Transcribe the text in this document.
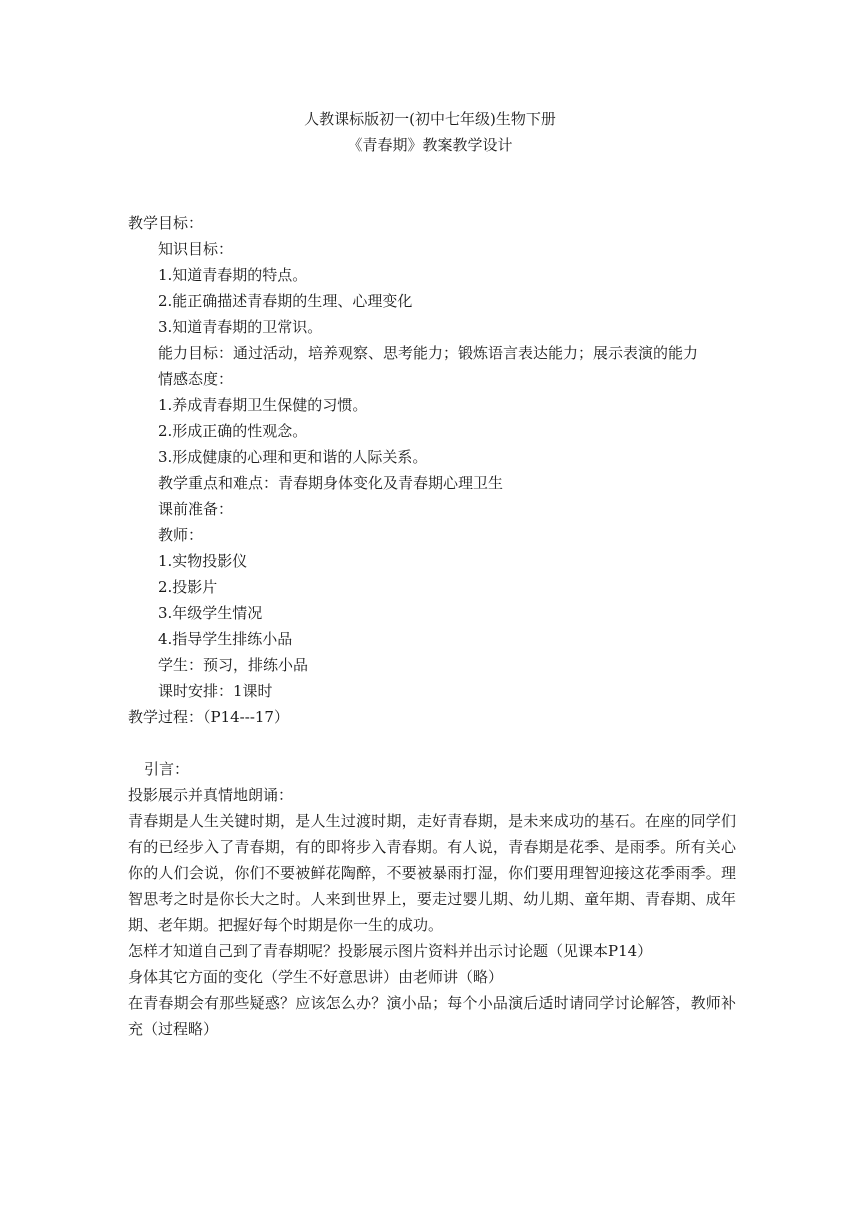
人教课标版初一(初中七年级)生物下册
《青春期》教案教学设计
教学目标：
知识目标：
1.知道青春期的特点。
2.能正确描述青春期的生理、心理变化
3.知道青春期的卫常识。
能力目标：通过活动，培养观察、思考能力；锻炼语言表达能力；展示表演的能力
情感态度：
1.养成青春期卫生保健的习惯。
2.形成正确的性观念。
3.形成健康的心理和更和谐的人际关系。
教学重点和难点：青春期身体变化及青春期心理卫生
课前准备：
教师：
1.实物投影仪
2.投影片
3.年级学生情况
4.指导学生排练小品
学生：预习，排练小品
课时安排：1课时
教学过程：（P14---17）
引言：
投影展示并真情地朗诵：
青春期是人生关键时期，是人生过渡时期，走好青春期，是未来成功的基石。在座的同学们有的已经步入了青春期，有的即将步入青春期。有人说，青春期是花季、是雨季。所有关心你的人们会说，你们不要被鲜花陶醉，不要被暴雨打湿，你们要用理智迎接这花季雨季。理智思考之时是你长大之时。人来到世界上，要走过婴儿期、幼儿期、童年期、青春期、成年期、老年期。把握好每个时期是你一生的成功。
怎样才知道自己到了青春期呢？投影展示图片资料并出示讨论题（见课本P14）
身体其它方面的变化（学生不好意思讲）由老师讲（略）
在青春期会有那些疑惑？应该怎么办？演小品；每个小品演后适时请同学讨论解答，教师补充（过程略）
